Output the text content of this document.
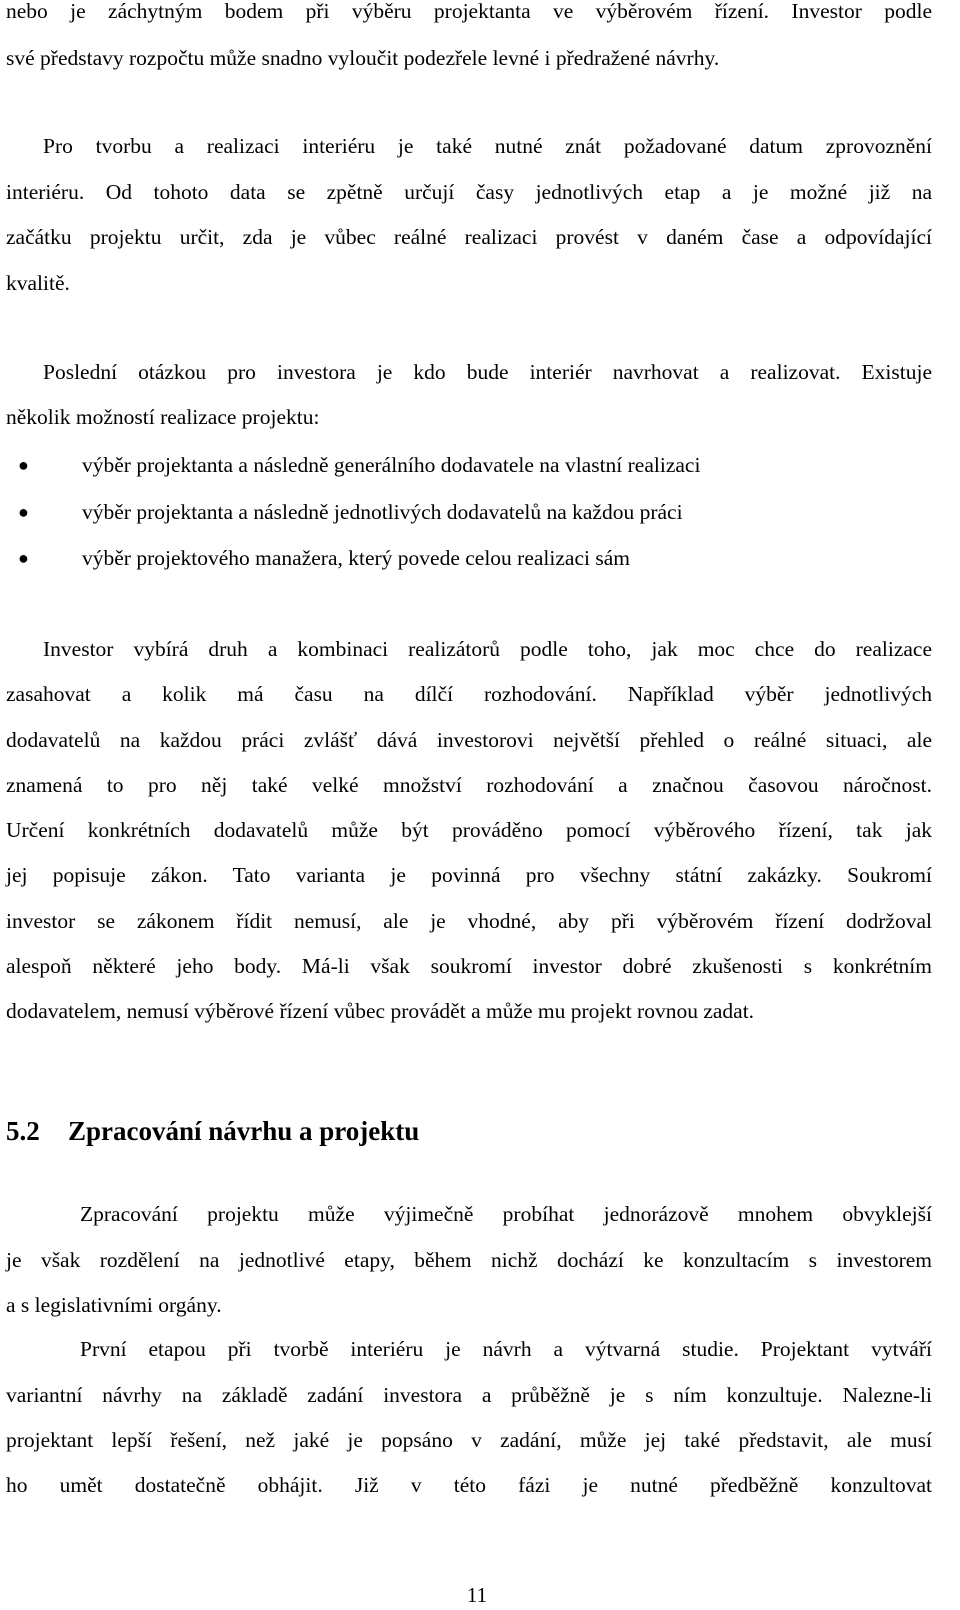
nebo je záchytným bodem při výběru projektanta ve výběrovém řízení. Investor podle
své představy rozpočtu může snadno vyloučit podezřele levné i předražené návrhy.
Pro tvorbu a realizaci interiéru je také nutné znát požadované datum zprovoznění
interiéru. Od tohoto data se zpětně určují časy jednotlivých etap a je možné již na
začátku projektu určit, zda je vůbec reálné realizaci provést v daném čase a odpovídající
kvalitě.
Poslední otázkou pro investora je kdo bude interiér navrhovat a realizovat. Existuje
několik možností realizace projektu:
● výběr projektanta a následně generálního dodavatele na vlastní realizaci
● výběr projektanta a následně jednotlivých dodavatelů na každou práci
● výběr projektového manažera, který povede celou realizaci sám
Investor vybírá druh a kombinaci realizátorů podle toho, jak moc chce do realizace
zasahovat a kolik má času na dílčí rozhodování. Například výběr jednotlivých
dodavatelů na každou práci zvlášť dává investorovi největší přehled o reálné situaci, ale
znamená to pro něj také velké množství rozhodování a značnou časovou náročnost.
Určení konkrétních dodavatelů může být prováděno pomocí výběrového řízení, tak jak
jej popisuje zákon. Tato varianta je povinná pro všechny státní zakázky. Soukromí
investor se zákonem řídit nemusí, ale je vhodné, aby při výběrovém řízení dodržoval
alespoň některé jeho body. Má-li však soukromí investor dobré zkušenosti s konkrétním
dodavatelem, nemusí výběrové řízení vůbec provádět a může mu projekt rovnou zadat.
5.2 Zpracování návrhu a projektu
Zpracování projektu může výjimečně probíhat jednorázově mnohem obvyklejší
je však rozdělení na jednotlivé etapy, během nichž dochází ke konzultacím s investorem
a s legislativními orgány.
První etapou při tvorbě interiéru je návrh a výtvarná studie. Projektant vytváří
variantní návrhy na základě zadání investora a průběžně je s ním konzultuje. Nalezne-li
projektant lepší řešení, než jaké je popsáno v zadání, může jej také představit, ale musí
ho umět dostatečně obhájit. Již v této fázi je nutné předběžně konzultovat
11
